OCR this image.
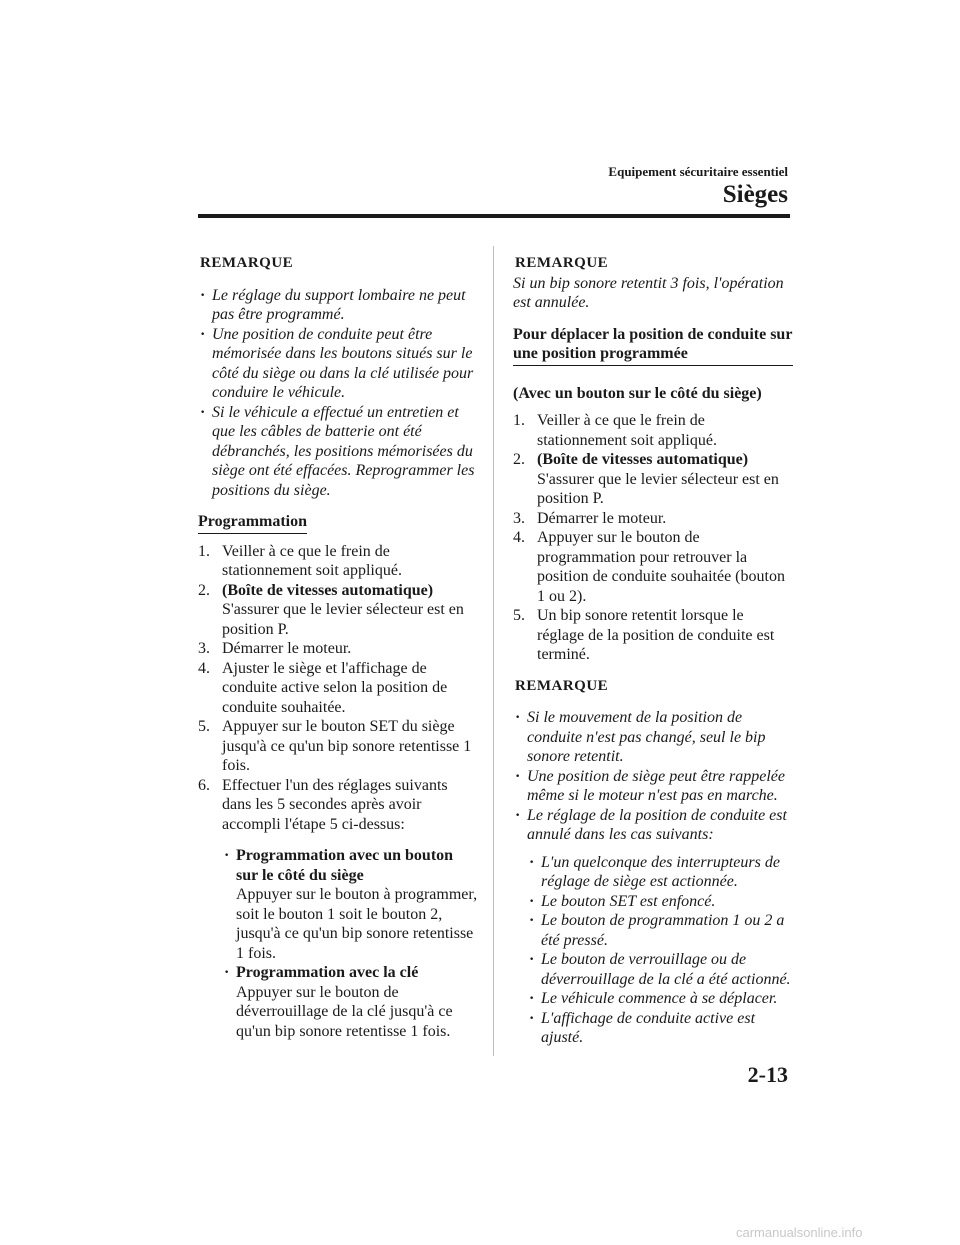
Equipement sécuritaire essentiel
Sièges
REMARQUE
· Le réglage du support lombaire ne peut pas être programmé.
· Une position de conduite peut être mémorisée dans les boutons situés sur le côté du siège ou dans la clé utilisée pour conduire le véhicule.
· Si le véhicule a effectué un entretien et que les câbles de batterie ont été débranchés, les positions mémorisées du siège ont été effacées. Reprogrammer les positions du siège.
Programmation
1. Veiller à ce que le frein de stationnement soit appliqué.
2. (Boîte de vitesses automatique)
S'assurer que le levier sélecteur est en position P.
3. Démarrer le moteur.
4. Ajuster le siège et l'affichage de conduite active selon la position de conduite souhaitée.
5. Appuyer sur le bouton SET du siège jusqu'à ce qu'un bip sonore retentisse 1 fois.
6. Effectuer l'un des réglages suivants dans les 5 secondes après avoir accompli l'étape 5 ci-dessus:
· Programmation avec un bouton sur le côté du siège
Appuyer sur le bouton à programmer, soit le bouton 1 soit le bouton 2, jusqu'à ce qu'un bip sonore retentisse 1 fois.
· Programmation avec la clé
Appuyer sur le bouton de déverrouillage de la clé jusqu'à ce qu'un bip sonore retentisse 1 fois.
REMARQUE
Si un bip sonore retentit 3 fois, l'opération est annulée.
Pour déplacer la position de conduite sur une position programmée
(Avec un bouton sur le côté du siège)
1. Veiller à ce que le frein de stationnement soit appliqué.
2. (Boîte de vitesses automatique)
S'assurer que le levier sélecteur est en position P.
3. Démarrer le moteur.
4. Appuyer sur le bouton de programmation pour retrouver la position de conduite souhaitée (bouton 1 ou 2).
5. Un bip sonore retentit lorsque le réglage de la position de conduite est terminé.
REMARQUE
· Si le mouvement de la position de conduite n'est pas changé, seul le bip sonore retentit.
· Une position de siège peut être rappelée même si le moteur n'est pas en marche.
· Le réglage de la position de conduite est annulé dans les cas suivants:
· L'un quelconque des interrupteurs de réglage de siège est actionnée.
· Le bouton SET est enfoncé.
· Le bouton de programmation 1 ou 2 a été pressé.
· Le bouton de verrouillage ou de déverrouillage de la clé a été actionné.
· Le véhicule commence à se déplacer.
· L'affichage de conduite active est ajusté.
2-13
carmanualsonline.info
